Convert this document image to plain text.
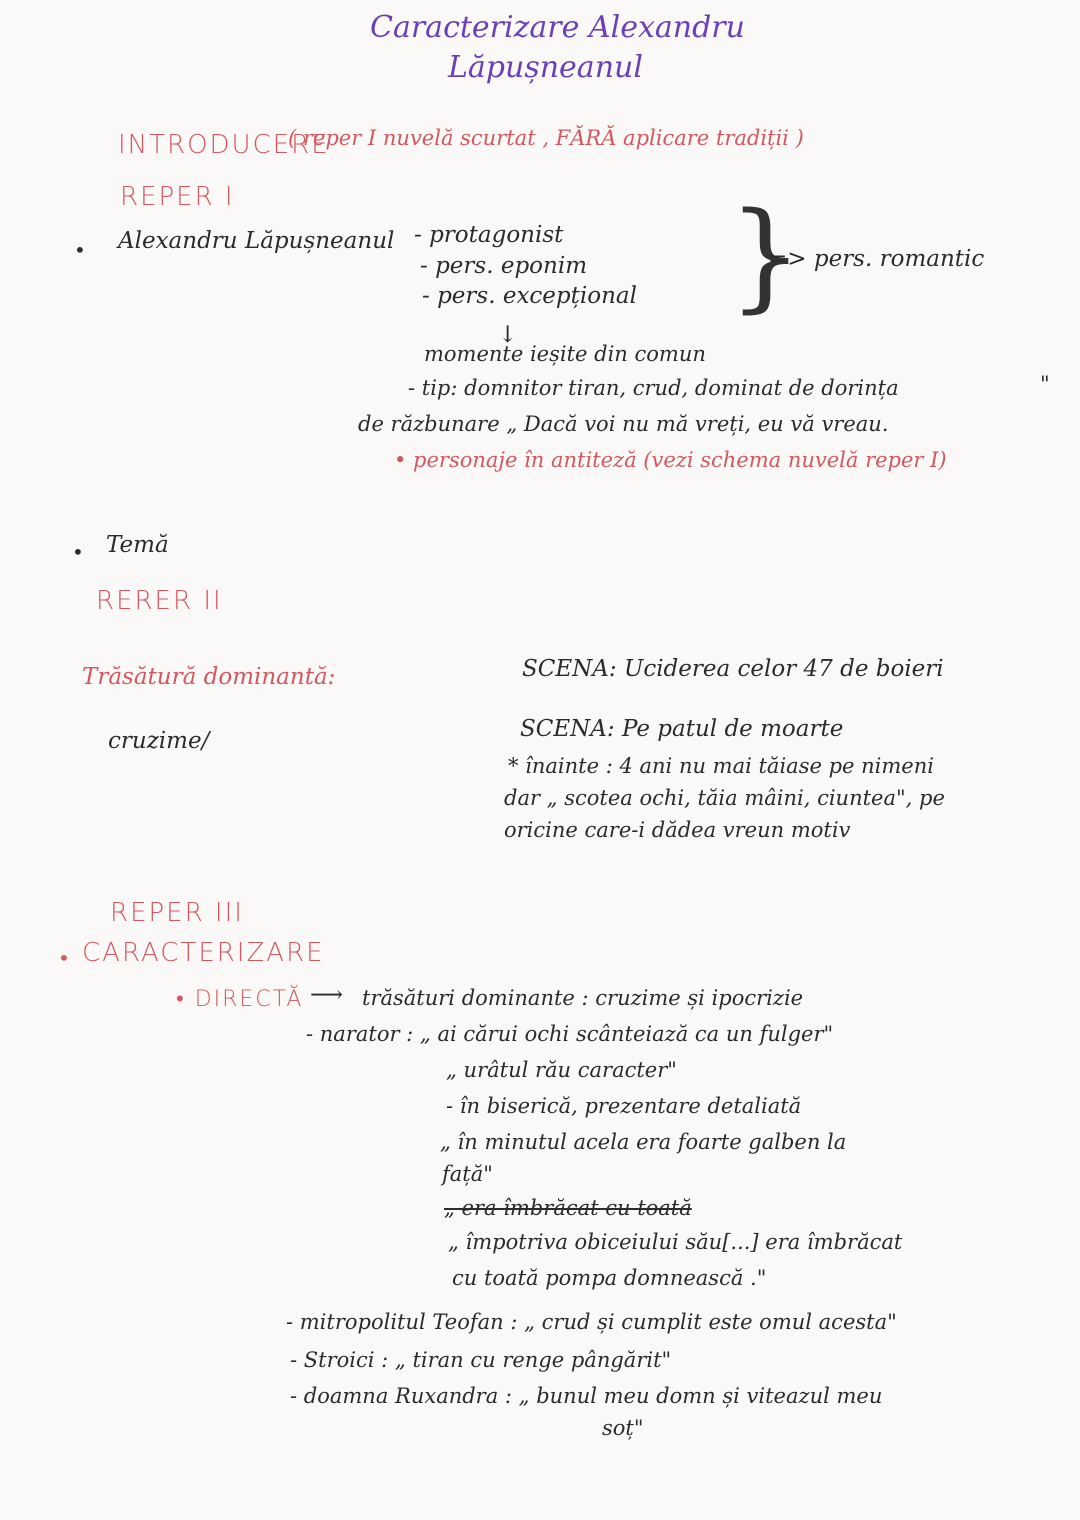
Caracterizare Alexandru
Lăpușneanul
INTRODUCERE
( reper I nuvelă scurtat , FĂRĂ aplicare tradiții )
REPER I
• Alexandru Lăpușneanul - protagonist
- pers. eponim
- pers. excepțional }
=> pers. romantic
↓
momente ieșite din comun
- tip: domnitor tiran, crud, dominat de dorința	"
de răzbunare „ Dacă voi nu mă vreți, eu vă vreau.
• personaje în antiteză (vezi schema nuvelă reper I)
• Temă
RERER II
Trăsătură dominantă:
cruzime/
SCENA: Uciderea celor 47 de boieri
SCENA: Pe patul de moarte
* înainte : 4 ani nu mai tăiase pe nimeni
dar „ scotea ochi, tăia mâini, ciuntea", pe
oricine care-i dădea vreun motiv
REPER III
• CARACTERIZARE
• DIRECTĂ ⟶ trăsături dominante : cruzime și ipocrizie
- narator : „ ai cărui ochi scânteiază ca un fulger"
„ urâtul rău caracter"
- în biserică, prezentare detaliată
„ în minutul acela era foarte galben la
față"
„ era îmbrăcat cu toată
„ împotriva obiceiului său[...] era îmbrăcat
cu toată pompa domnească ."
- mitropolitul Teofan : „ crud și cumplit este omul acesta"
- Stroici : „ tiran cu renge pângărit"
- doamna Ruxandra : „ bunul meu domn și viteazul meu
soț"
